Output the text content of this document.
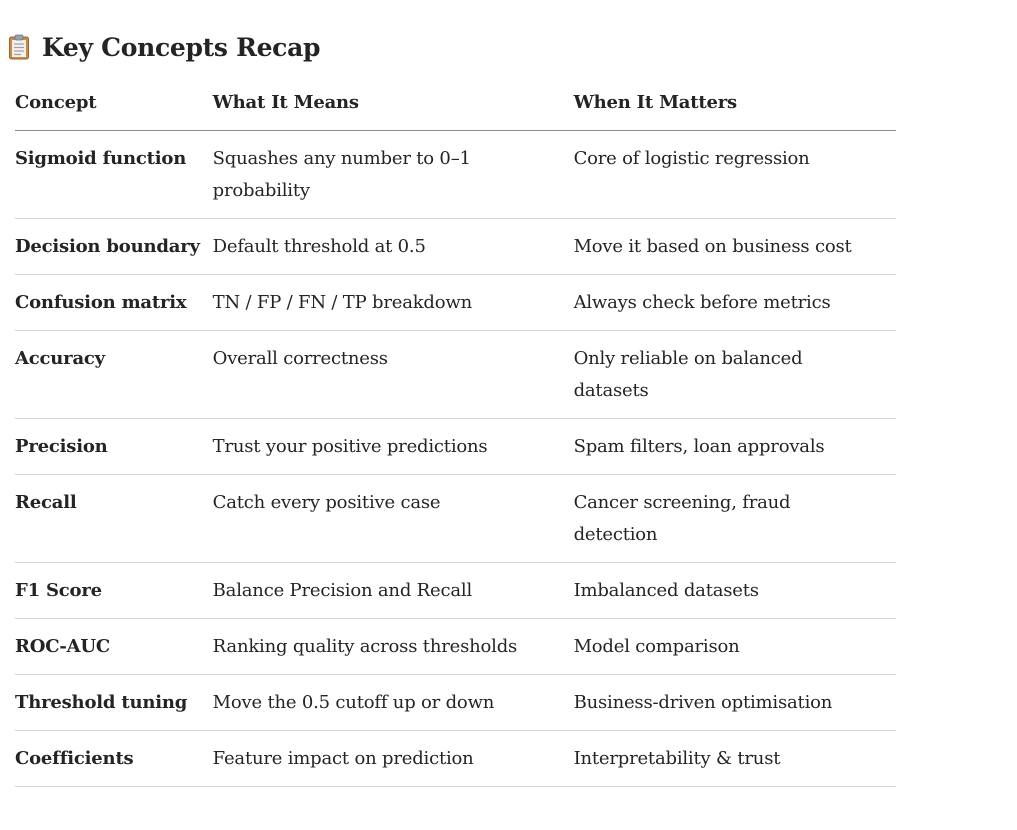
Key Concepts Recap
Concept	What It Means	When It Matters
Sigmoid function	Squashes any number to 0–1 probability	Core of logistic regression
Decision boundary	Default threshold at 0.5	Move it based on business cost
Confusion matrix	TN / FP / FN / TP breakdown	Always check before metrics
Accuracy	Overall correctness	Only reliable on balanced datasets
Precision	Trust your positive predictions	Spam filters, loan approvals
Recall	Catch every positive case	Cancer screening, fraud detection
F1 Score	Balance Precision and Recall	Imbalanced datasets
ROC-AUC	Ranking quality across thresholds	Model comparison
Threshold tuning	Move the 0.5 cutoff up or down	Business-driven optimisation
Coefficients	Feature impact on prediction	Interpretability & trust
